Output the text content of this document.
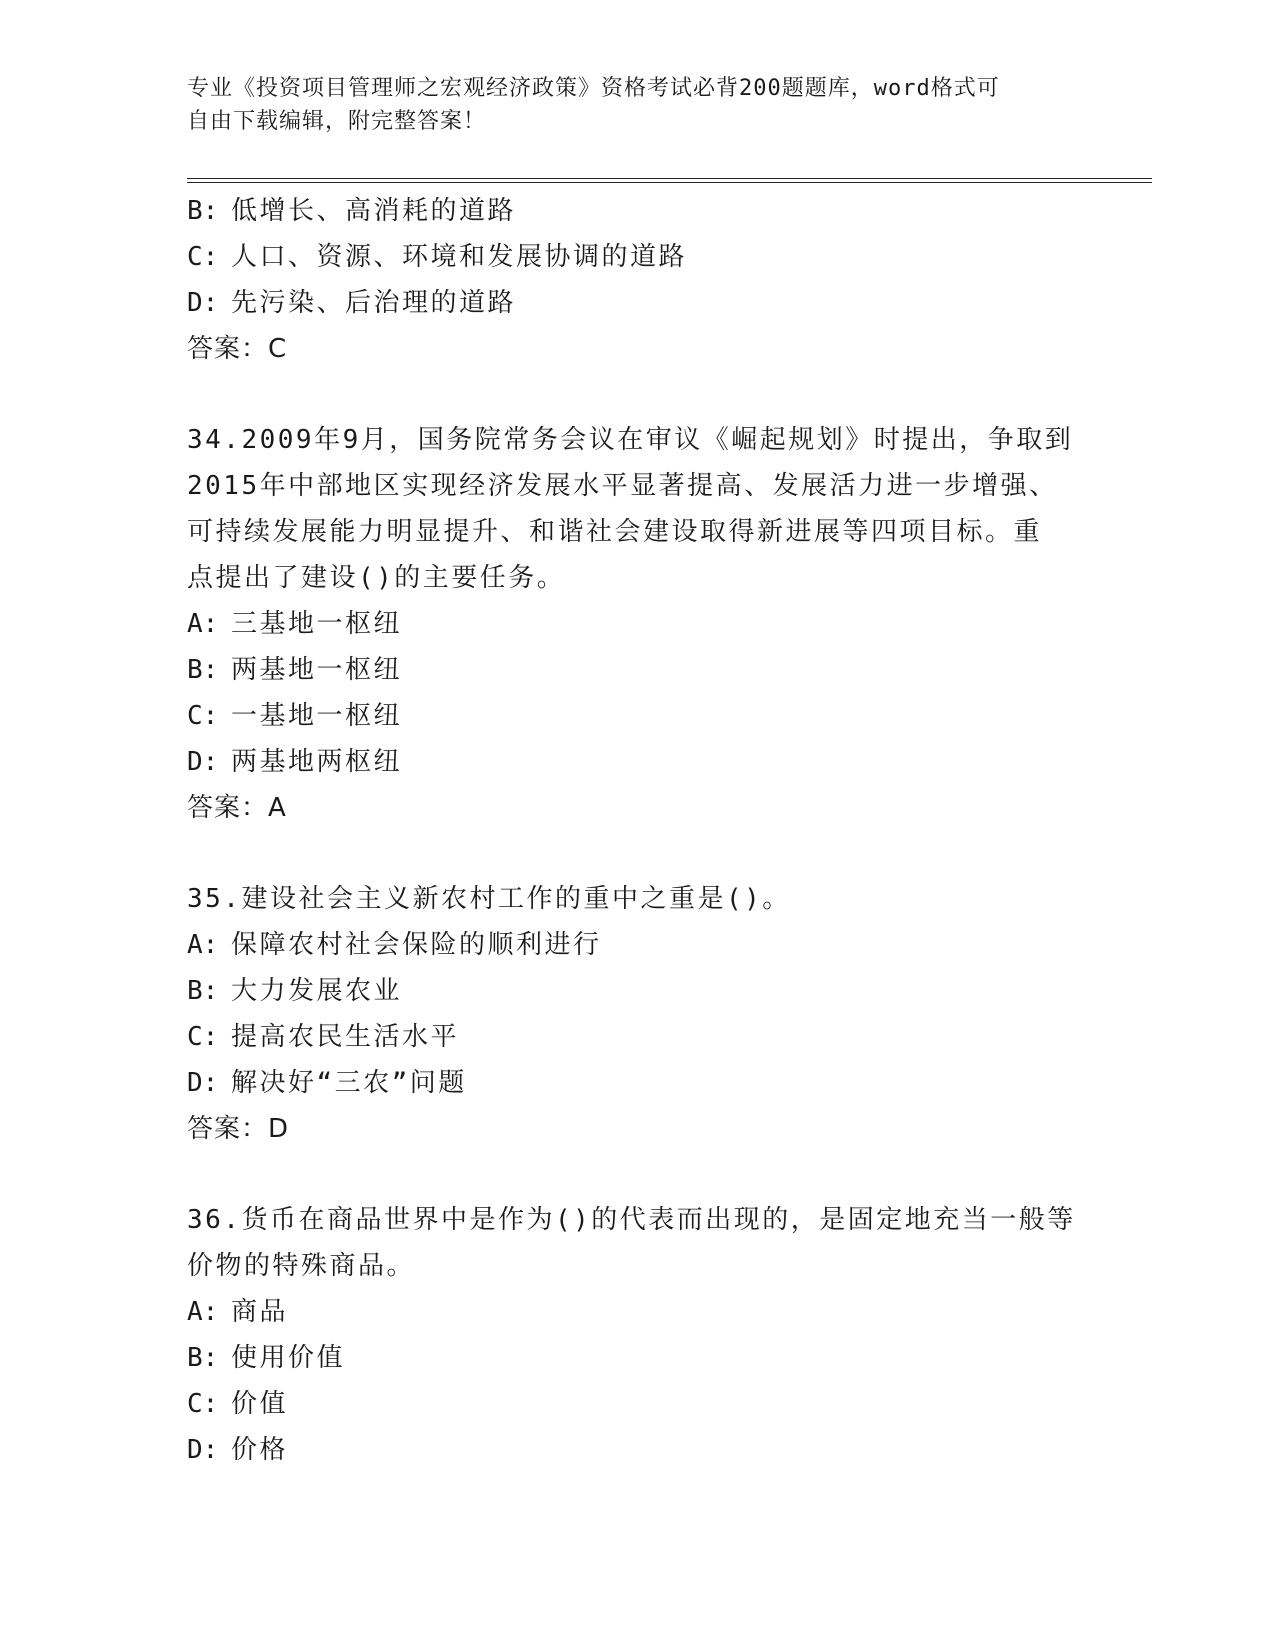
专业《投资项目管理师之宏观经济政策》资格考试必背200题题库，word格式可
自由下载编辑，附完整答案！
B: 低增长、高消耗的道路
C: 人口、资源、环境和发展协调的道路
D: 先污染、后治理的道路
答案：C
34.2009年9月，国务院常务会议在审议《崛起规划》时提出，争取到
2015年中部地区实现经济发展水平显著提高、发展活力进一步增强、
可持续发展能力明显提升、和谐社会建设取得新进展等四项目标。重
点提出了建设()的主要任务。
A: 三基地一枢纽
B: 两基地一枢纽
C: 一基地一枢纽
D: 两基地两枢纽
答案：A
35.建设社会主义新农村工作的重中之重是()。
A: 保障农村社会保险的顺利进行
B: 大力发展农业
C: 提高农民生活水平
D: 解决好“三农”问题
答案：D
36.货币在商品世界中是作为()的代表而出现的，是固定地充当一般等
价物的特殊商品。
A: 商品
B: 使用价值
C: 价值
D: 价格
